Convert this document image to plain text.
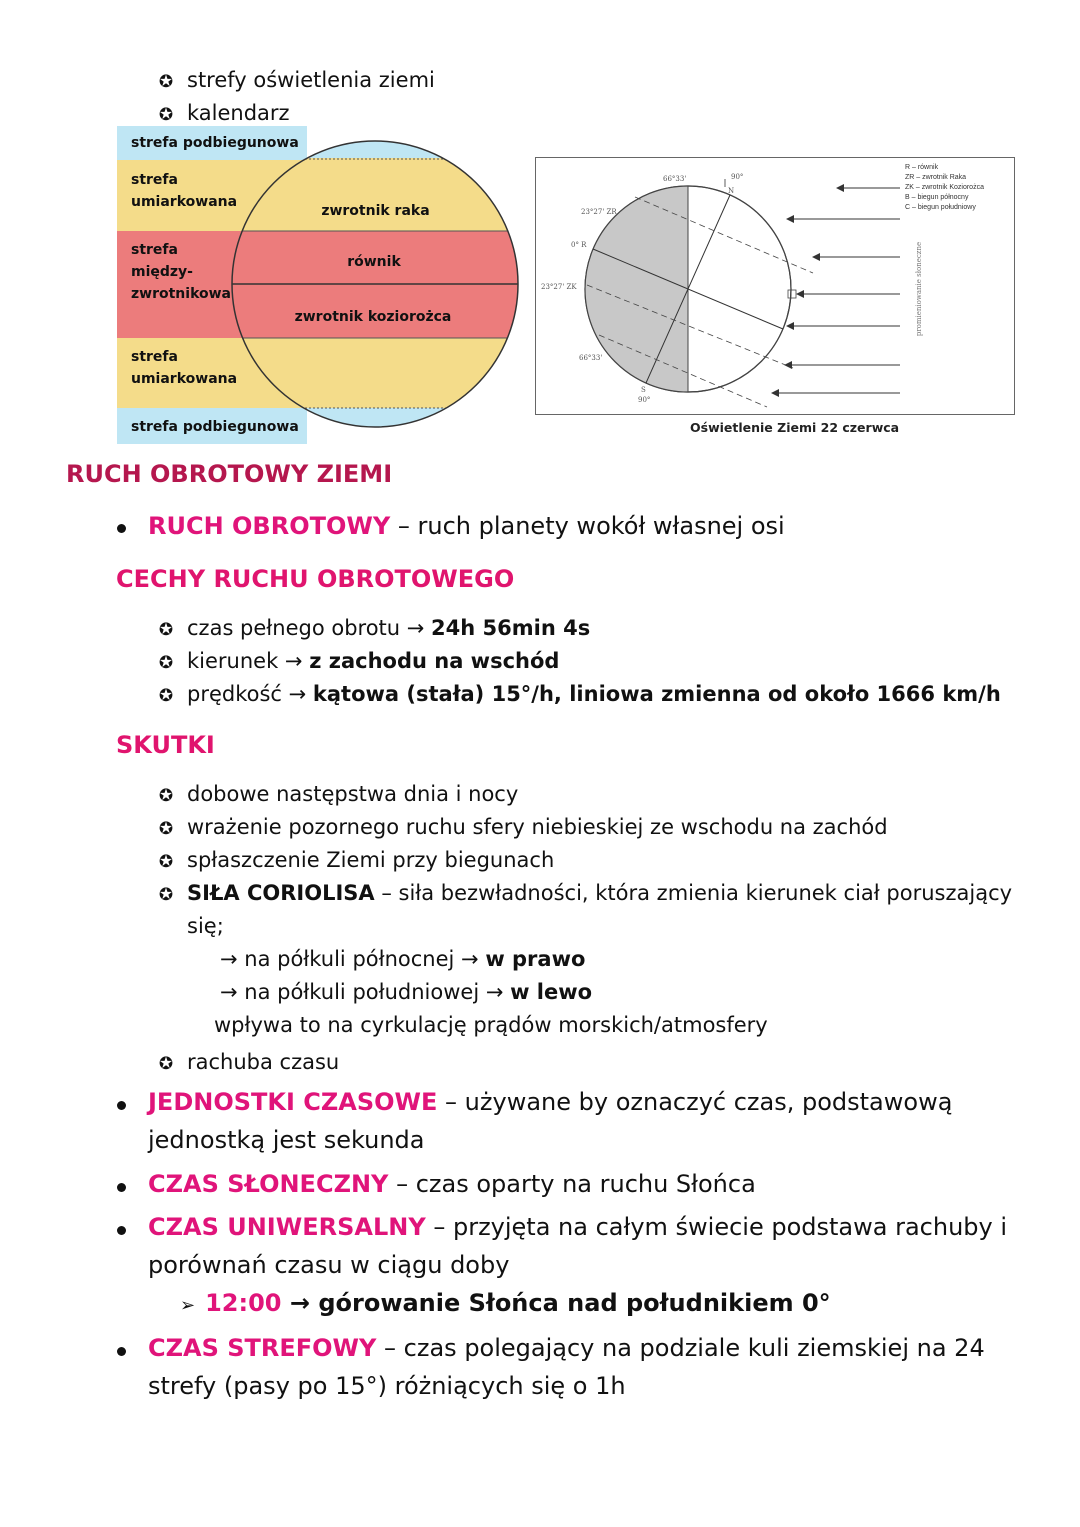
✪ strefy oświetlenia ziemi
✪ kalendarz
strefa podbiegunowa
strefa
umiarkowana
strefa
między-
zwrotnikowa
strefa
umiarkowana
strefa podbiegunowa
zwrotnik raka
równik
zwrotnik koziorożca
66°33'	90°
N
23°27' ZR
0° R
23°27' ZK
66°33'
S
90°
R – równik
ZR – zwrotnik Raka
ZK – zwrotnik Koziorożca
B – biegun północny
C – biegun południowy
promieniowanie słoneczne
Oświetlenie Ziemi 22 czerwca
RUCH OBROTOWY ZIEMI
RUCH OBROTOWY – ruch planety wokół własnej osi
CECHY RUCHU OBROTOWEGO
✪ czas pełnego obrotu → 24h 56min 4s
✪ kierunek → z zachodu na wschód
✪ prędkość → kątowa (stała) 15°/h, liniowa zmienna od około 1666 km/h
SKUTKI
✪ dobowe następstwa dnia i nocy
✪ wrażenie pozornego ruchu sfery niebieskiej ze wschodu na zachód
✪ spłaszczenie Ziemi przy biegunach
✪ SIŁA CORIOLISA – siła bezwładności, która zmienia kierunek ciał poruszający
się;
→ na półkuli północnej → w prawo
→ na półkuli południowej → w lewo
wpływa to na cyrkulację prądów morskich/atmosfery
✪ rachuba czasu
JEDNOSTKI CZASOWE – używane by oznaczyć czas, podstawową
jednostką jest sekunda
CZAS SŁONECZNY – czas oparty na ruchu Słońca
CZAS UNIWERSALNY – przyjęta na całym świecie podstawa rachuby i
porównań czasu w ciągu doby
➢ 12:00 → górowanie Słońca nad południkiem 0°
CZAS STREFOWY – czas polegający na podziale kuli ziemskiej na 24
strefy (pasy po 15°) różniących się o 1h
